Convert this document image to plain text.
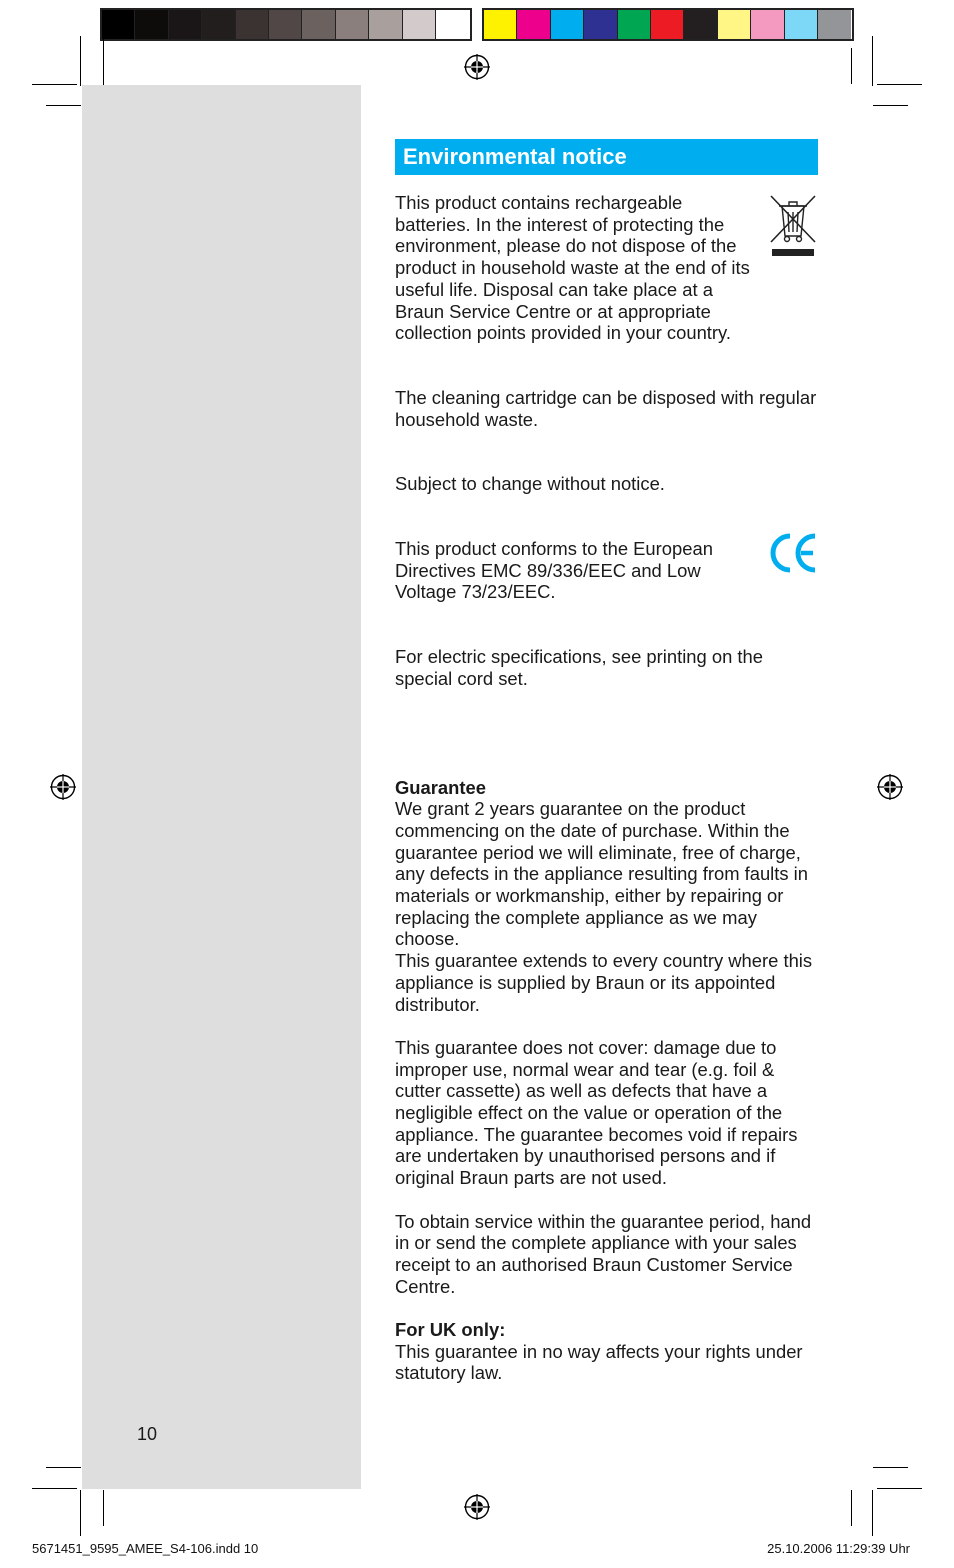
10
Environmental notice

This product contains rechargeable batteries. In the interest of protecting the environment, please do not dispose of the product in household waste at the end of its useful life. Disposal can take place at a Braun Service Centre or at appropriate collection points provided in your country.

The cleaning cartridge can be disposed with regular household waste.

Subject to change without notice.

This product conforms to the European Directives EMC 89/336/EEC and Low Voltage 73/23/EEC.

For electric specifications, see printing on the special cord set.

Guarantee

We grant 2 years guarantee on the product commencing on the date of purchase. Within the guarantee period we will eliminate, free of charge, any defects in the appliance resulting from faults in materials or workmanship, either by repairing or replacing the complete appliance as we may choose.

This guarantee extends to every country where this appliance is supplied by Braun or its appointed distributor.

This guarantee does not cover: damage due to improper use, normal wear and tear (e.g. foil & cutter cassette) as well as defects that have a negligible effect on the value or operation of the appliance. The guarantee becomes void if repairs are undertaken by unauthorised persons and if original Braun parts are not used.

To obtain service within the guarantee period, hand in or send the complete appliance with your sales receipt to an authorised Braun Customer Service Centre.

For UK only:

This guarantee in no way affects your rights under statutory law.

5671451_9595_AMEE_S4-106.indd 10	25.10.2006 11:29:39 Uhr
